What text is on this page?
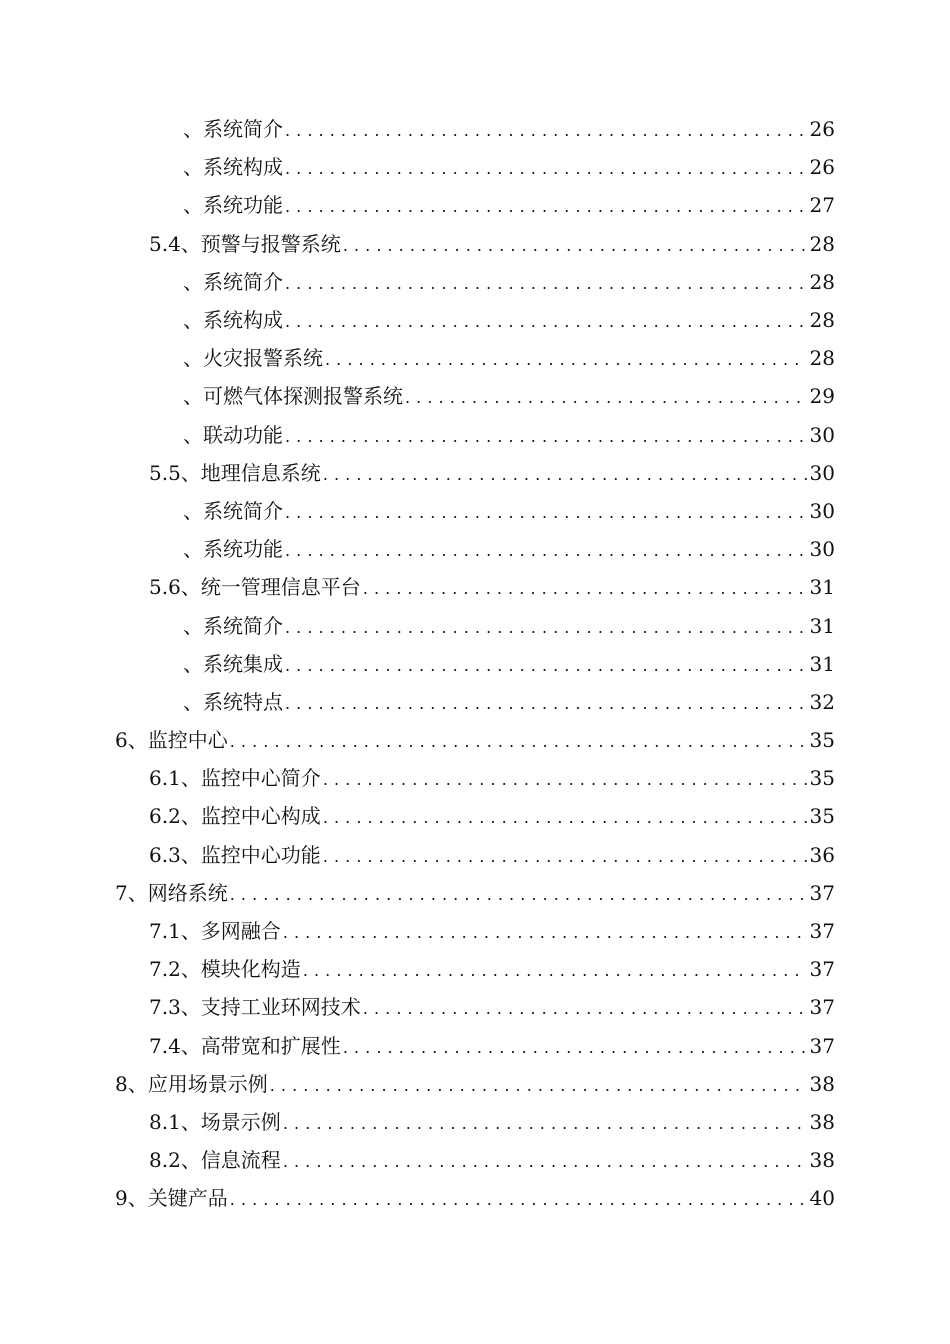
、系统简介 . . .	26
、系统构成 . . .	26
、系统功能 . . .	27
5.4 、预警与报警系统 . . .	28
、系统简介 . . .	28
、系统构成 . . .	28
、火灾报警系统 . . .	28
、可燃气体探测报警系统 . . .	29
、联动功能 . . .	30
5.5 、地理信息系统 . . .	30
、系统简介 . . .	30
、系统功能 . . .	30
5.6 、统一管理信息平台 . . .	31
、系统简介 . . .	31
、系统集成 . . .	31
、系统特点 . . .	32
6 、监控中心 . . .	35
6.1 、监控中心简介 . . .	35
6.2 、监控中心构成 . . .	35
6.3 、监控中心功能 . . .	36
7 、网络系统 . . .	37
7.1 、多网融合 . . .	37
7.2 、模块化构造 . . .	37
7.3 、支持工业环网技术 . . .	37
7.4 、高带宽和扩展性 . . .	37
8 、应用场景示例 . . .	38
8.1 、场景示例 . . .	38
8.2 、信息流程 . . .	38
9 、关键产品 . . .	40
